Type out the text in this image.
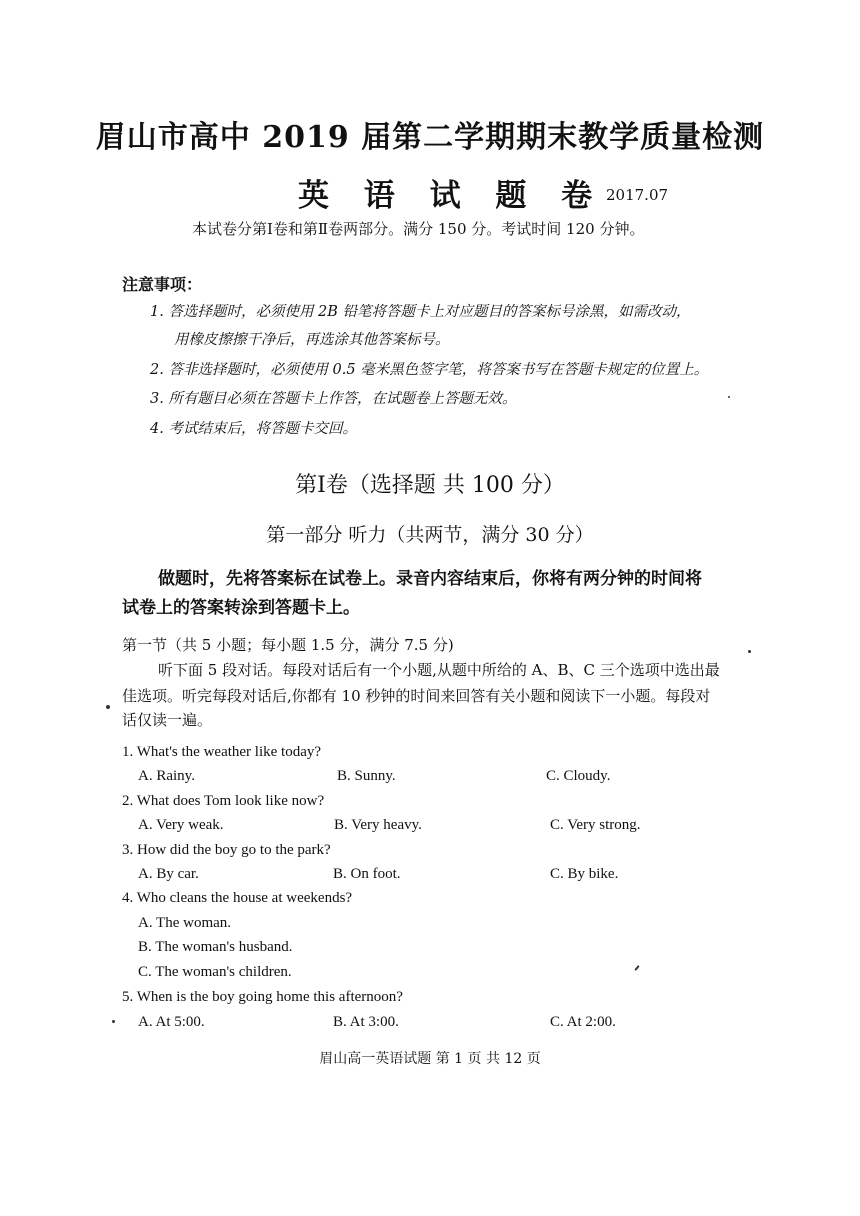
眉山市高中 2019 届第二学期期末教学质量检测
英 语 试 题 卷 2017.07
本试卷分第Ⅰ卷和第Ⅱ卷两部分。满分 150 分。考试时间 120 分钟。
注意事项：
1. 答选择题时，必须使用 2B 铅笔将答题卡上对应题目的答案标号涂黑，如需改动，
用橡皮擦擦干净后，再选涂其他答案标号。
2. 答非选择题时，必须使用 0.5 毫米黑色签字笔，将答案书写在答题卡规定的位置上。
3. 所有题目必须在答题卡上作答，在试题卷上答题无效。
4. 考试结束后，将答题卡交回。
第Ⅰ卷（选择题 共 100 分）
第一部分 听力（共两节，满分 30 分）
做题时，先将答案标在试卷上。录音内容结束后，你将有两分钟的时间将
试卷上的答案转涂到答题卡上。
第一节（共 5 小题；每小题 1.5 分，满分 7.5 分)
听下面 5 段对话。每段对话后有一个小题,从题中所给的 A、B、C 三个选项中选出最
佳选项。听完每段对话后,你都有 10 秒钟的时间来回答有关小题和阅读下一小题。每段对
话仅读一遍。
1. What's the weather like today?
A. Rainy.	B. Sunny.	C. Cloudy.
2. What does Tom look like now?
A. Very weak.	B. Very heavy.	C. Very strong.
3. How did the boy go to the park?
A. By car.	B. On foot.	C. By bike.
4. Who cleans the house at weekends?
A. The woman.
B. The woman's husband.
C. The woman's children.
5. When is the boy going home this afternoon?
A. At 5:00.	B. At 3:00.	C. At 2:00.
眉山高一英语试题 第 1 页 共 12 页
